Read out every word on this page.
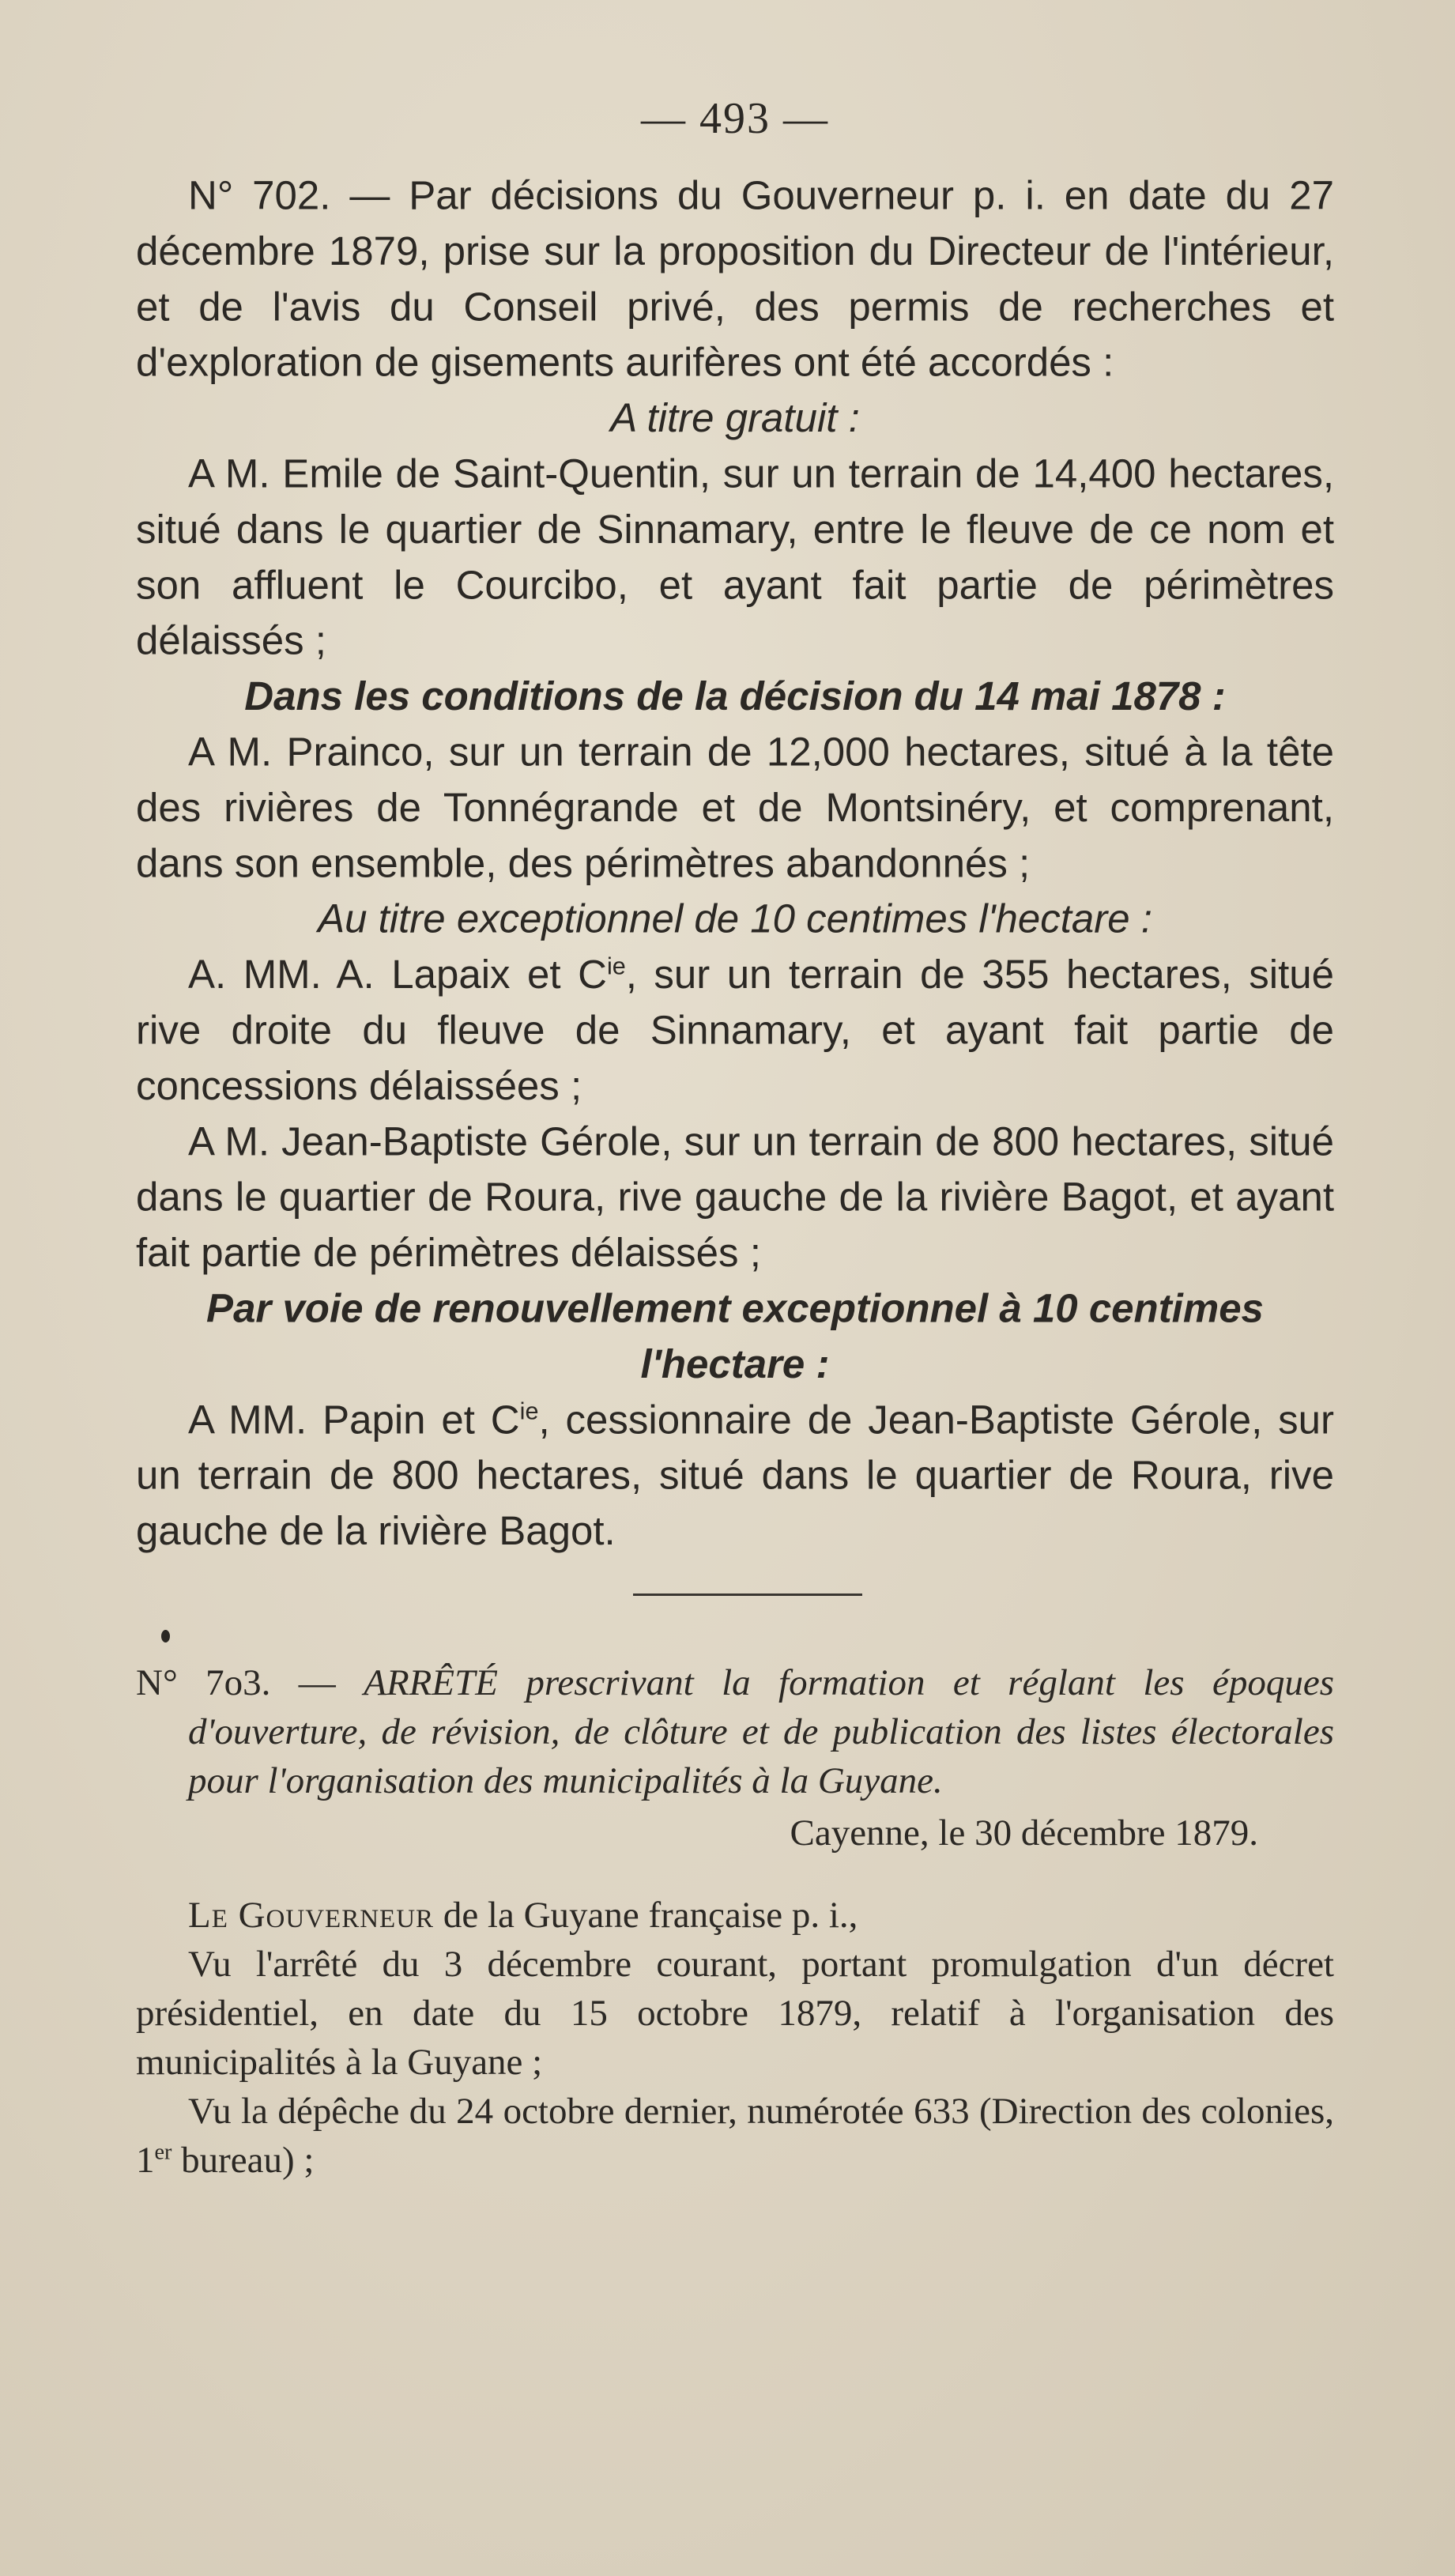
— 493 —

N° 702. — Par décisions du Gouverneur p. i. en date du 27 décembre 1879, prise sur la proposition du Directeur de l'intérieur, et de l'avis du Conseil privé, des permis de recherches et d'exploration de gisements aurifères ont été accordés :

A titre gratuit :

A M. Emile de Saint-Quentin, sur un terrain de 14,400 hectares, situé dans le quartier de Sinnamary, entre le fleuve de ce nom et son affluent le Courcibo, et ayant fait partie de périmètres délaissés ;

Dans les conditions de la décision du 14 mai 1878 :

A M. Prainco, sur un terrain de 12,000 hectares, situé à la tête des rivières de Tonnégrande et de Montsinéry, et comprenant, dans son ensemble, des périmètres abandonnés ;

Au titre exceptionnel de 10 centimes l'hectare :

A. MM. A. Lapaix et $C^{ie}$, sur un terrain de 355 hectares, situé rive droite du fleuve de Sinnamary, et ayant fait partie de concessions délaissées ;

A M. Jean-Baptiste Gérole, sur un terrain de 800 hectares, situé dans le quartier de Roura, rive gauche de la rivière Bagot, et ayant fait partie de périmètres délaissés ;

Par voie de renouvellement exceptionnel à 10 centimes l'hectare :

A MM. Papin et $C^{ie}$, cessionnaire de Jean-Baptiste Gérole, sur un terrain de 800 hectares, situé dans le quartier de Roura, rive gauche de la rivière Bagot.

N° 7o3. — ARRÊTÉ prescrivant la formation et réglant les époques d'ouverture, de révision, de clôture et de publication des listes électorales pour l'organisation des municipalités à la Guyane.

Cayenne, le 30 décembre 1879.

Le Gouverneur de la Guyane française p. i.,

Vu l'arrêté du 3 décembre courant, portant promulgation d'un décret présidentiel, en date du 15 octobre 1879, relatif à l'organisation des municipalités à la Guyane ;

Vu la dépêche du 24 octobre dernier, numérotée 633 (Direction des colonies, 1er bureau) ;
